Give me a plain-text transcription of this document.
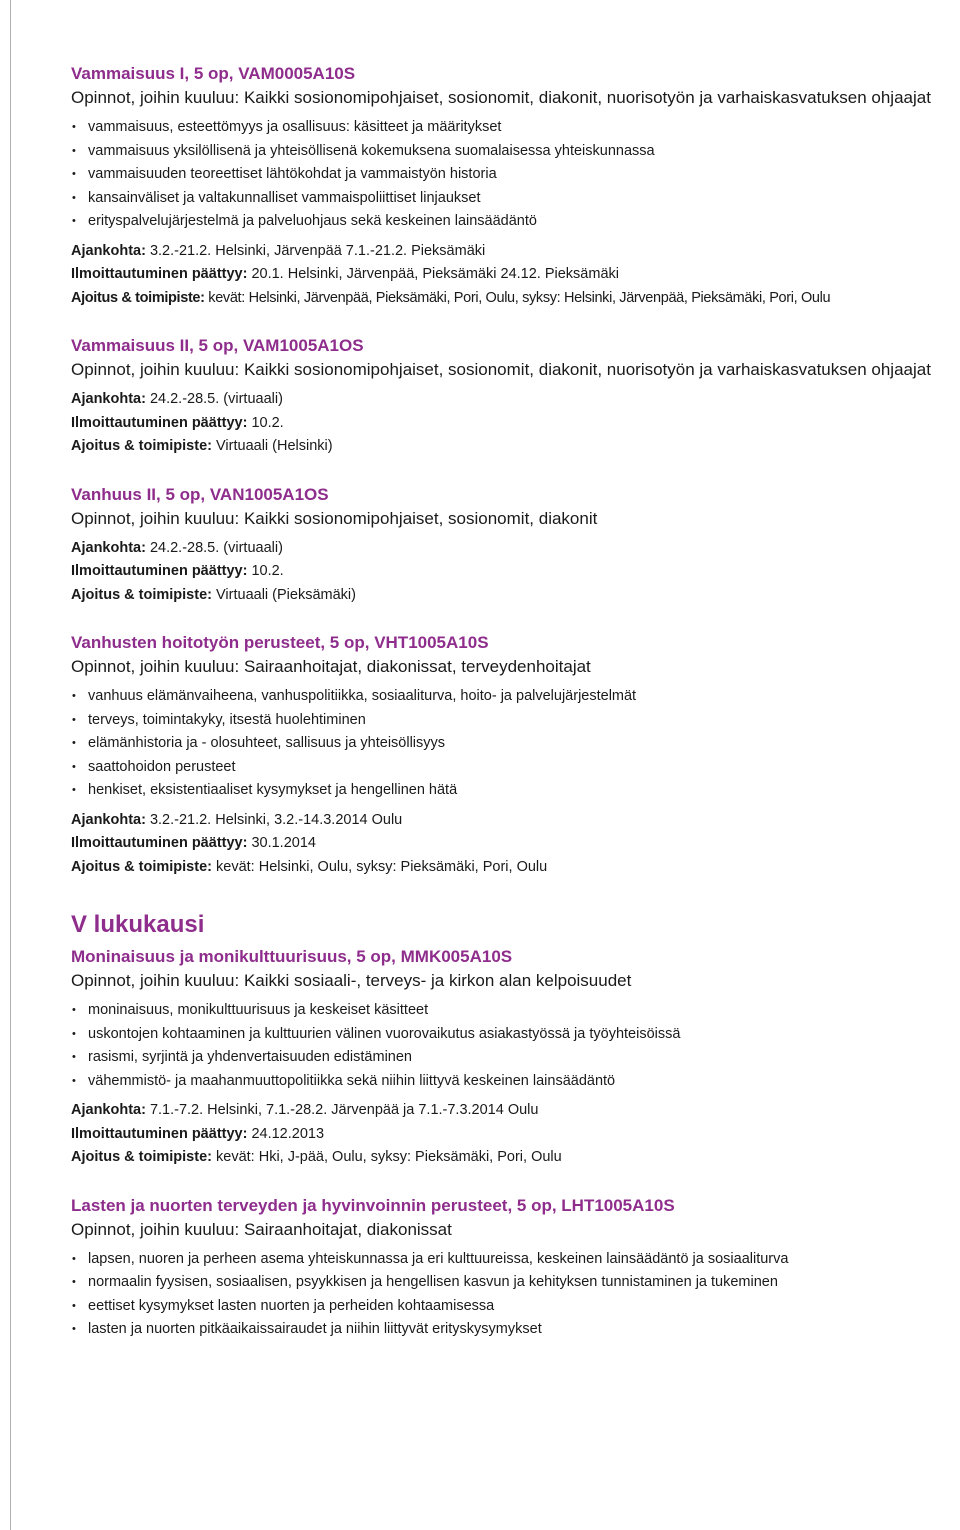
Vammaisuus I, 5 op, VAM0005A10S

Opinnot, joihin kuuluu: Kaikki sosionomipohjaiset, sosionomit, diakonit, nuorisotyön ja varhaiskasvatuksen ohjaajat

• vammaisuus, esteettömyys ja osallisuus: käsitteet ja määritykset
• vammaisuus yksilöllisenä ja yhteisöllisenä kokemuksena suomalaisessa yhteiskunnassa
• vammaisuuden teoreettiset lähtökohdat ja vammaistyön historia
• kansainväliset ja valtakunnalliset vammaispoliittiset linjaukset
• erityspalvelujärjestelmä ja palveluohjaus sekä keskeinen lainsäädäntö

Ajankohta: 3.2.-21.2. Helsinki, Järvenpää 7.1.-21.2. Pieksämäki

Ilmoittautuminen päättyy: 20.1. Helsinki, Järvenpää, Pieksämäki 24.12. Pieksämäki

Ajoitus & toimipiste: kevät: Helsinki, Järvenpää, Pieksämäki, Pori, Oulu, syksy: Helsinki, Järvenpää, Pieksämäki, Pori, Oulu

Vammaisuus II, 5 op, VAM1005A1OS

Opinnot, joihin kuuluu: Kaikki sosionomipohjaiset, sosionomit, diakonit, nuorisotyön ja varhaiskasvatuksen ohjaajat

Ajankohta: 24.2.-28.5. (virtuaali)

Ilmoittautuminen päättyy: 10.2.

Ajoitus & toimipiste: Virtuaali (Helsinki)

Vanhuus II, 5 op, VAN1005A1OS

Opinnot, joihin kuuluu: Kaikki sosionomipohjaiset, sosionomit, diakonit

Ajankohta: 24.2.-28.5. (virtuaali)

Ilmoittautuminen päättyy: 10.2.

Ajoitus & toimipiste: Virtuaali (Pieksämäki)

Vanhusten hoitotyön perusteet, 5 op, VHT1005A10S

Opinnot, joihin kuuluu: Sairaanhoitajat, diakonissat, terveydenhoitajat

• vanhuus elämänvaiheena, vanhuspolitiikka, sosiaaliturva, hoito- ja palvelujärjestelmät
• terveys, toimintakyky, itsestä huolehtiminen
• elämänhistoria ja - olosuhteet, sallisuus ja yhteisöllisyys
• saattohoidon perusteet
• henkiset, eksistentiaaliset kysymykset ja hengellinen hätä

Ajankohta: 3.2.-21.2. Helsinki, 3.2.-14.3.2014 Oulu

Ilmoittautuminen päättyy: 30.1.2014

Ajoitus & toimipiste: kevät: Helsinki, Oulu, syksy: Pieksämäki, Pori, Oulu

V lukukausi

Moninaisuus ja monikulttuurisuus, 5 op, MMK005A10S

Opinnot, joihin kuuluu: Kaikki sosiaali-, terveys- ja kirkon alan kelpoisuudet

• moninaisuus, monikulttuurisuus ja keskeiset käsitteet
• uskontojen kohtaaminen ja kulttuurien välinen vuorovaikutus asiakastyössä ja työyhteisöissä
• rasismi, syrjintä ja yhdenvertaisuuden edistäminen
• vähemmistö- ja maahanmuuttopolitiikka sekä niihin liittyvä keskeinen lainsäädäntö

Ajankohta: 7.1.-7.2. Helsinki, 7.1.-28.2. Järvenpää ja 7.1.-7.3.2014 Oulu

Ilmoittautuminen päättyy: 24.12.2013

Ajoitus & toimipiste: kevät: Hki, J-pää, Oulu, syksy: Pieksämäki, Pori, Oulu

Lasten ja nuorten terveyden ja hyvinvoinnin perusteet, 5 op, LHT1005A10S

Opinnot, joihin kuuluu: Sairaanhoitajat, diakonissat

• lapsen, nuoren ja perheen asema yhteiskunnassa ja eri kulttuureissa, keskeinen lainsäädäntö ja sosiaaliturva
• normaalin fyysisen, sosiaalisen, psyykkisen ja hengellisen kasvun ja kehityksen tunnistaminen ja tukeminen
• eettiset kysymykset lasten nuorten ja perheiden kohtaamisessa
• lasten ja nuorten pitkäaikaissairaudet ja niihin liittyvät erityskysymykset
